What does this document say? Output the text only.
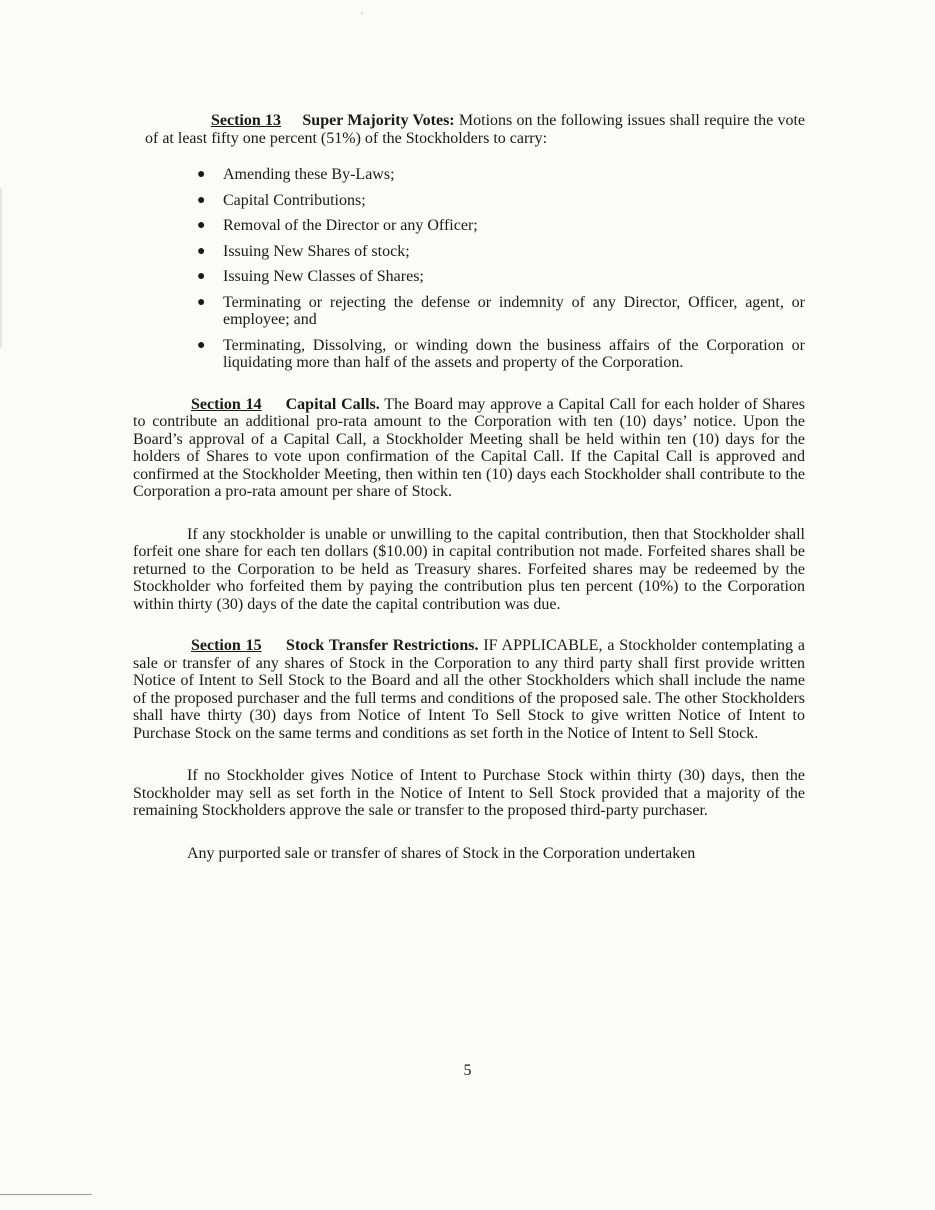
Section 13 Super Majority Votes: Motions on the following issues shall require the vote of at least fifty one percent (51%) of the Stockholders to carry:

● Amending these By-Laws;
● Capital Contributions;
● Removal of the Director or any Officer;
● Issuing New Shares of stock;
● Issuing New Classes of Shares;
● Terminating or rejecting the defense or indemnity of any Director, Officer, agent, or employee; and
● Terminating, Dissolving, or winding down the business affairs of the Corporation or liquidating more than half of the assets and property of the Corporation.

Section 14 Capital Calls. The Board may approve a Capital Call for each holder of Shares to contribute an additional pro-rata amount to the Corporation with ten (10) days’ notice. Upon the Board’s approval of a Capital Call, a Stockholder Meeting shall be held within ten (10) days for the holders of Shares to vote upon confirmation of the Capital Call. If the Capital Call is approved and confirmed at the Stockholder Meeting, then within ten (10) days each Stockholder shall contribute to the Corporation a pro-rata amount per share of Stock.

If any stockholder is unable or unwilling to the capital contribution, then that Stockholder shall forfeit one share for each ten dollars ($10.00) in capital contribution not made. Forfeited shares shall be returned to the Corporation to be held as Treasury shares. Forfeited shares may be redeemed by the Stockholder who forfeited them by paying the contribution plus ten percent (10%) to the Corporation within thirty (30) days of the date the capital contribution was due.

Section 15 Stock Transfer Restrictions. IF APPLICABLE, a Stockholder contemplating a sale or transfer of any shares of Stock in the Corporation to any third party shall first provide written Notice of Intent to Sell Stock to the Board and all the other Stockholders which shall include the name of the proposed purchaser and the full terms and conditions of the proposed sale. The other Stockholders shall have thirty (30) days from Notice of Intent To Sell Stock to give written Notice of Intent to Purchase Stock on the same terms and conditions as set forth in the Notice of Intent to Sell Stock.

If no Stockholder gives Notice of Intent to Purchase Stock within thirty (30) days, then the Stockholder may sell as set forth in the Notice of Intent to Sell Stock provided that a majority of the remaining Stockholders approve the sale or transfer to the proposed third-party purchaser.

Any purported sale or transfer of shares of Stock in the Corporation undertaken

5
